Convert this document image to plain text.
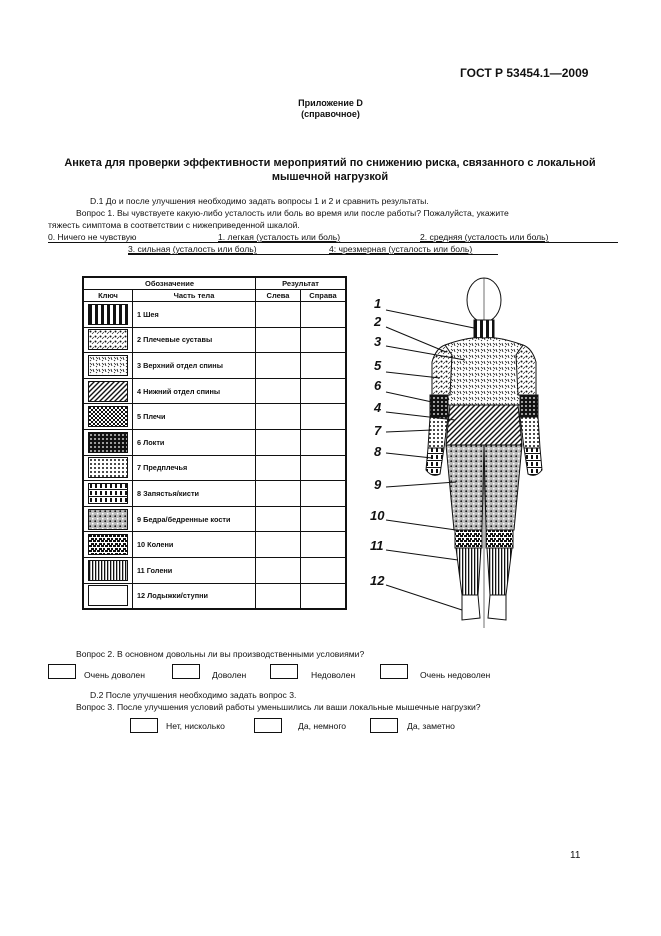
ГОСТ Р 53454.1—2009
Приложение D
(справочное)
Анкета для проверки эффективности мероприятий по снижению риска, связанного с локальной мышечной нагрузкой
D.1 До и после улучшения необходимо задать вопросы 1 и 2 и сравнить результаты.
Вопрос 1. Вы чувствуете какую-либо усталость или боль во время или после работы? Пожалуйста, укажите
тяжесть симптома в соответствии с нижеприведенной шкалой.
0. Ничего не чувствую	1. легкая (усталость или боль)	2. средняя (усталость или боль)
3. сильная (усталость или боль)	4: чрезмерная (усталость или боль)
Обозначение		Результат	
Ключ	Часть тела	Слева	Справа
	1 Шея		
	2 Плечевые суставы		
	3 Верхний отдел спины		
	4 Нижний отдел спины		
	5 Плечи		
	6 Локти		
	7 Предплечья		
	8 Запястья/кисти		
	9 Бедра/бедренные кости		
	10 Колени		
	11 Голени		
	12 Лодыжки/ступни		
1
2
3
5
6
4
7
8
9
10
11
12
Вопрос 2. В основном довольны ли вы производственными условиями?
Очень доволен	Доволен	Недоволен	Очень недоволен
D.2 После улучшения необходимо задать вопрос 3.
Вопрос 3. После улучшения условий работы уменьшились ли ваши локальные мышечные нагрузки?
Нет, нисколько	Да, немного	Да, заметно
11
